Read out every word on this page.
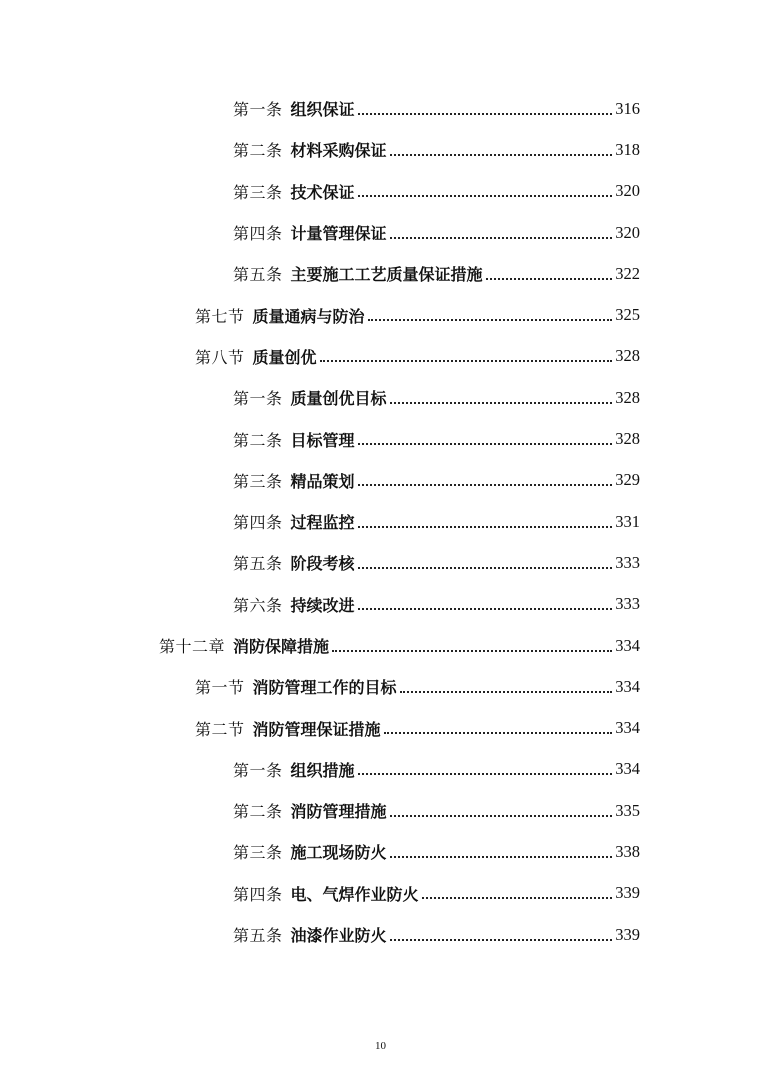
第一条 组织保证	316
第二条 材料采购保证	318
第三条 技术保证	320
第四条 计量管理保证	320
第五条 主要施工工艺质量保证措施	322
第七节 质量通病与防治	325
第八节 质量创优	328
第一条 质量创优目标	328
第二条 目标管理	328
第三条 精品策划	329
第四条 过程监控	331
第五条 阶段考核	333
第六条 持续改进	333
第十二章 消防保障措施	334
第一节 消防管理工作的目标	334
第二节 消防管理保证措施	334
第一条 组织措施	334
第二条 消防管理措施	335
第三条 施工现场防火	338
第四条 电、气焊作业防火	339
第五条 油漆作业防火	339
10
